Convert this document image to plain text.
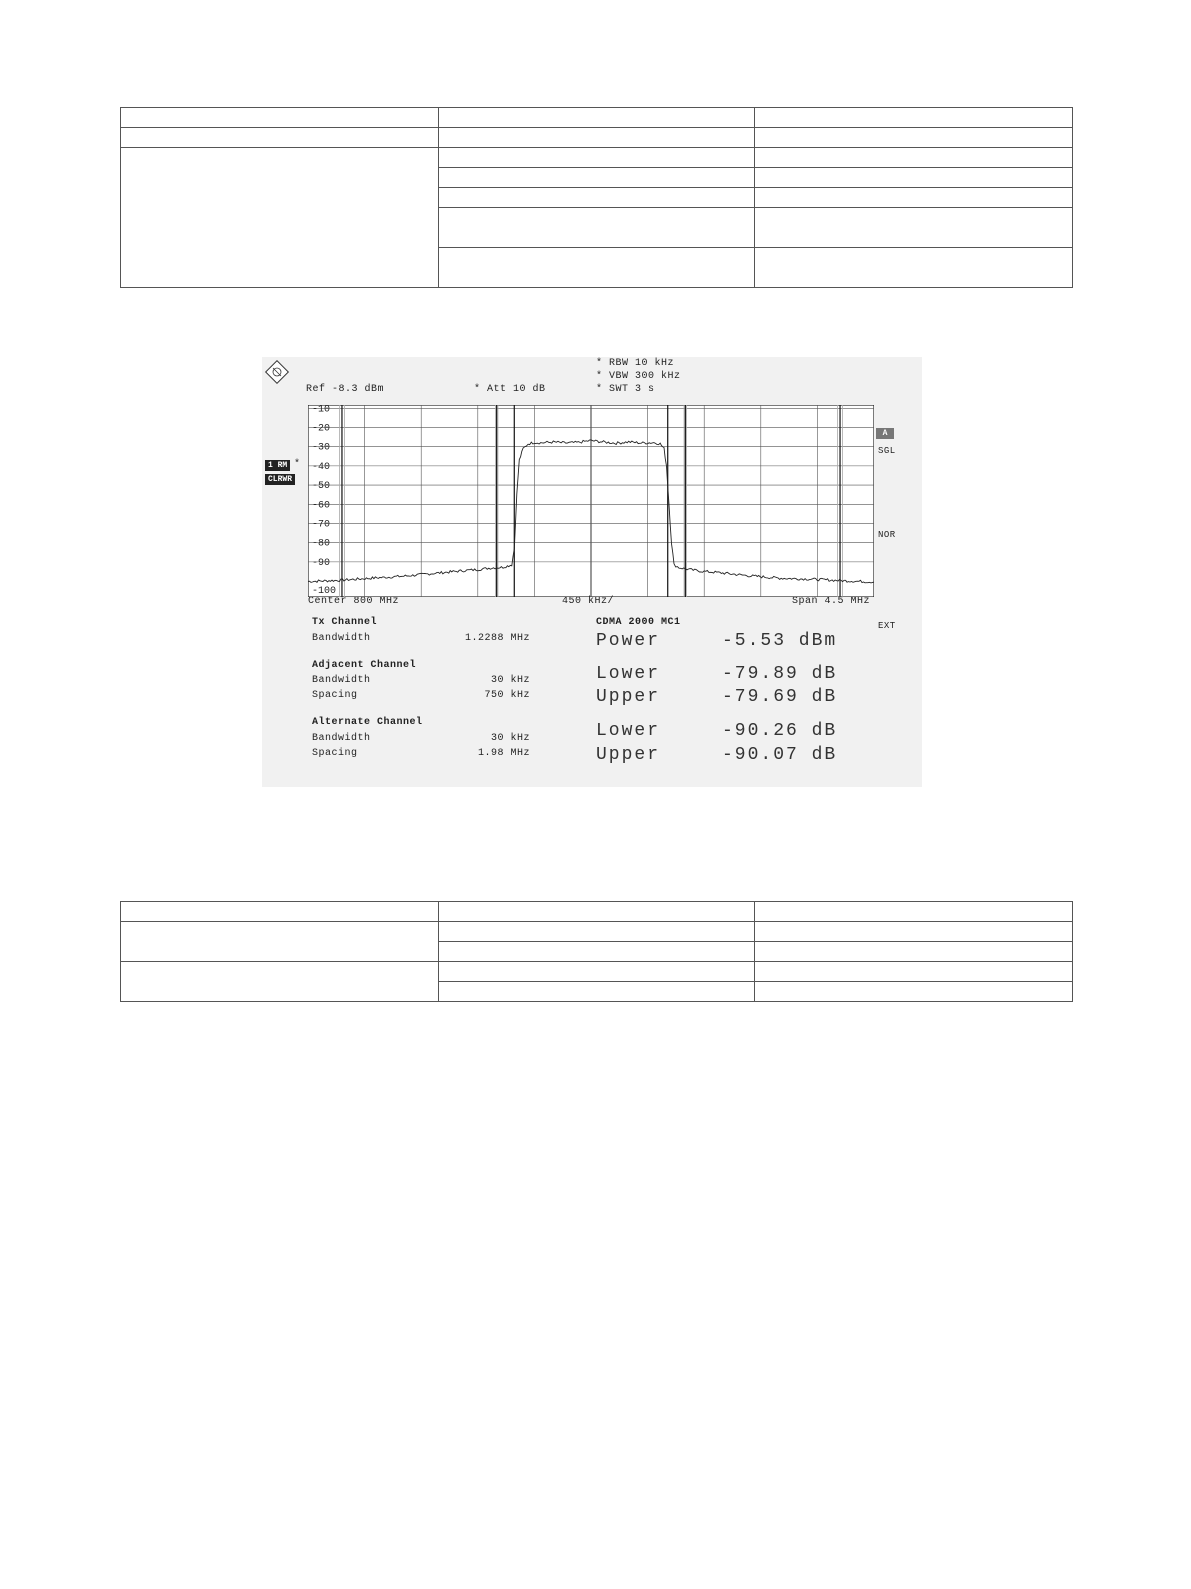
Ref -8.3 dBm	* Att 10 dB
* RBW 10 kHz
* VBW 300 kHz
* SWT 3 s
1 RM *
CLRWR
A
SGL
NOR
EXT
-10
-20
-30
-40
-50
-60
-70
-80
-90
-100
Center 800 MHz	450 kHz/	Span 4.5 MHz
Tx Channel
Bandwidth	1.2288 MHz
Adjacent Channel
Bandwidth	30 kHz
Spacing	750 kHz
Alternate Channel
Bandwidth	30 kHz
Spacing	1.98 MHz
CDMA 2000 MC1
Power	-5.53 dBm
Lower	-79.89 dB
Upper	-79.69 dB
Lower	-90.26 dB
Upper	-90.07 dB
